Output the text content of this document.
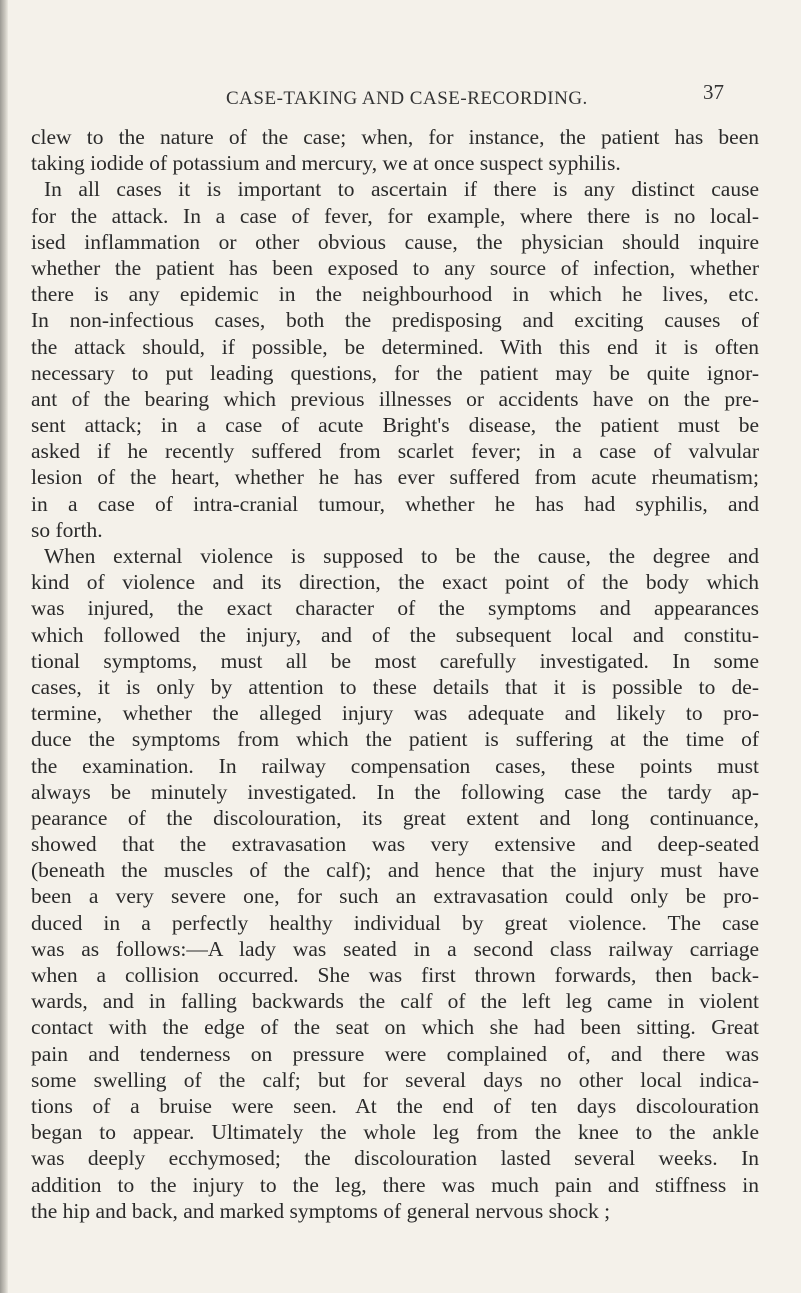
CASE-TAKING AND CASE-RECORDING.	37
clew to the nature of the case; when, for instance, the patient has been
taking iodide of potassium and mercury, we at once suspect syphilis.
In all cases it is important to ascertain if there is any distinct cause
for the attack. In a case of fever, for example, where there is no local-
ised inflammation or other obvious cause, the physician should inquire
whether the patient has been exposed to any source of infection, whether
there is any epidemic in the neighbourhood in which he lives, etc.
In non-infectious cases, both the predisposing and exciting causes of
the attack should, if possible, be determined. With this end it is often
necessary to put leading questions, for the patient may be quite ignor-
ant of the bearing which previous illnesses or accidents have on the pre-
sent attack; in a case of acute Bright's disease, the patient must be
asked if he recently suffered from scarlet fever; in a case of valvular
lesion of the heart, whether he has ever suffered from acute rheumatism;
in a case of intra-cranial tumour, whether he has had syphilis, and
so forth.
When external violence is supposed to be the cause, the degree and
kind of violence and its direction, the exact point of the body which
was injured, the exact character of the symptoms and appearances
which followed the injury, and of the subsequent local and constitu-
tional symptoms, must all be most carefully investigated. In some
cases, it is only by attention to these details that it is possible to de-
termine, whether the alleged injury was adequate and likely to pro-
duce the symptoms from which the patient is suffering at the time of
the examination. In railway compensation cases, these points must
always be minutely investigated. In the following case the tardy ap-
pearance of the discolouration, its great extent and long continuance,
showed that the extravasation was very extensive and deep-seated
(beneath the muscles of the calf); and hence that the injury must have
been a very severe one, for such an extravasation could only be pro-
duced in a perfectly healthy individual by great violence. The case
was as follows:—A lady was seated in a second class railway carriage
when a collision occurred. She was first thrown forwards, then back-
wards, and in falling backwards the calf of the left leg came in violent
contact with the edge of the seat on which she had been sitting. Great
pain and tenderness on pressure were complained of, and there was
some swelling of the calf; but for several days no other local indica-
tions of a bruise were seen. At the end of ten days discolouration
began to appear. Ultimately the whole leg from the knee to the ankle
was deeply ecchymosed; the discolouration lasted several weeks. In
addition to the injury to the leg, there was much pain and stiffness in
the hip and back, and marked symptoms of general nervous shock ;
